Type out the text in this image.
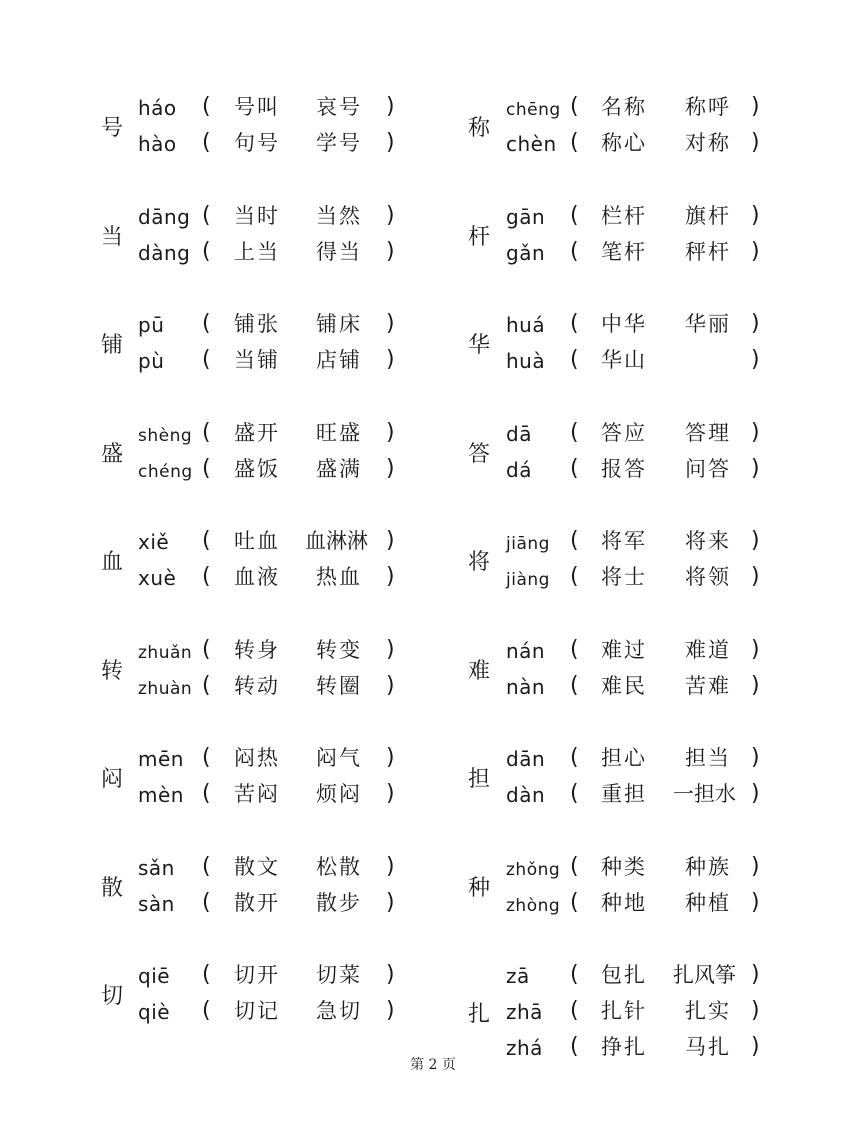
号
háo ( 号叫 哀号 )
hào ( 句号 学号 )
当
dāng ( 当时 当然 )
dàng ( 上当 得当 )
铺
pū ( 铺张 铺床 )
pù ( 当铺 店铺 )
盛
shèng ( 盛开 旺盛 )
chéng ( 盛饭 盛满 )
血
xiě ( 吐血 血淋淋 )
xuè ( 血液 热血 )
转
zhuǎn ( 转身 转变 )
zhuàn ( 转动 转圈 )
闷
mēn ( 闷热 闷气 )
mèn ( 苦闷 烦闷 )
散
sǎn ( 散文 松散 )
sàn ( 散开 散步 )
切
qiē ( 切开 切菜 )
qiè ( 切记 急切 )
称
chēng ( 名称 称呼 )
chèn ( 称心 对称 )
杆
gān ( 栏杆 旗杆 )
gǎn ( 笔杆 秤杆 )
华
huá ( 中华 华丽 )
huà ( 华山	)
答
dā ( 答应 答理 )
dá ( 报答 问答 )
将
jiāng ( 将军 将来 )
jiàng ( 将士 将领 )
难
nán ( 难过 难道 )
nàn ( 难民 苦难 )
担
dān ( 担心 担当 )
dàn ( 重担 一担水 )
种
zhǒng ( 种类 种族 )
zhòng ( 种地 种植 )
扎
zā ( 包扎 扎风筝 )
zhā ( 扎针 扎实 )
zhá ( 挣扎 马扎 )
第 2 页
